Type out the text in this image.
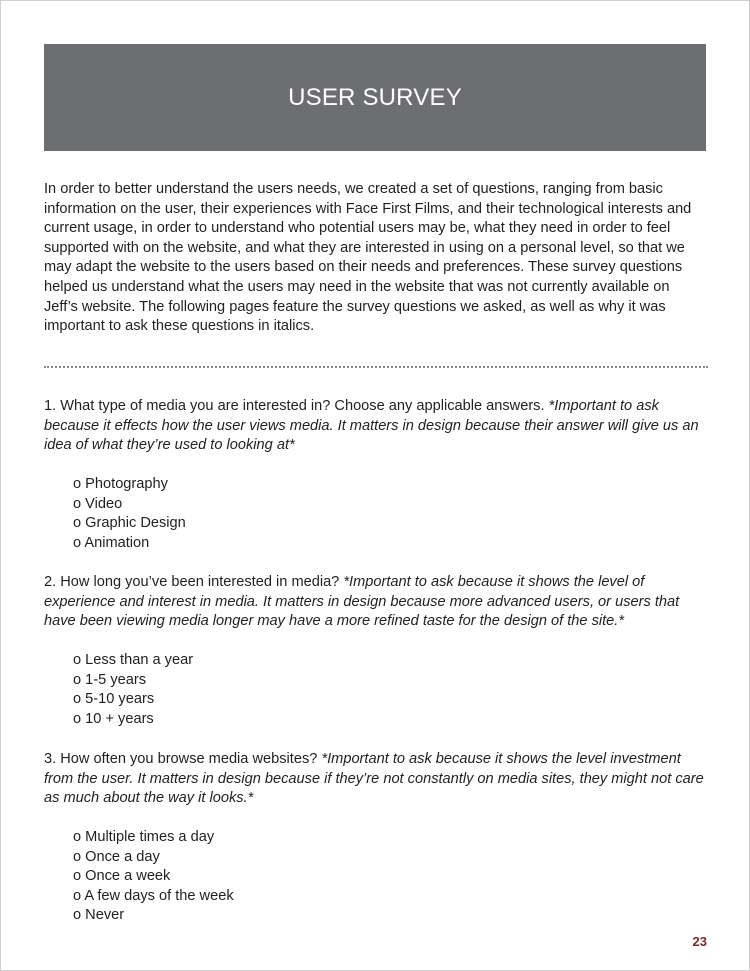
USER SURVEY

In order to better understand the users needs, we created a set of questions, ranging from basic information on the user, their experiences with Face First Films, and their technological interests and current usage, in order to understand who potential users may be, what they need in order to feel supported with on the website, and what they are interested in using on a personal level, so that we may adapt the website to the users based on their needs and preferences. These survey questions helped us understand what the users may need in the website that was not currently available on Jeff’s website. The following pages feature the survey questions we asked, as well as why it was important to ask these questions in italics.

1. What type of media you are interested in? Choose any applicable answers. *Important to ask because it effects how the user views media. It matters in design because their answer will give us an idea of what they’re used to looking at*

o Photography
o Video
o Graphic Design
o Animation

2. How long you’ve been interested in media? *Important to ask because it shows the level of experience and interest in media. It matters in design because more advanced users, or users that have been viewing media longer may have a more refined taste for the design of the site.*

o Less than a year
o 1-5 years
o 5-10 years
o 10 + years

3. How often you browse media websites? *Important to ask because it shows the level investment from the user. It matters in design because if they’re not constantly on media sites, they might not care as much about the way it looks.*

o Multiple times a day
o Once a day
o Once a week
o A few days of the week
o Never
23
